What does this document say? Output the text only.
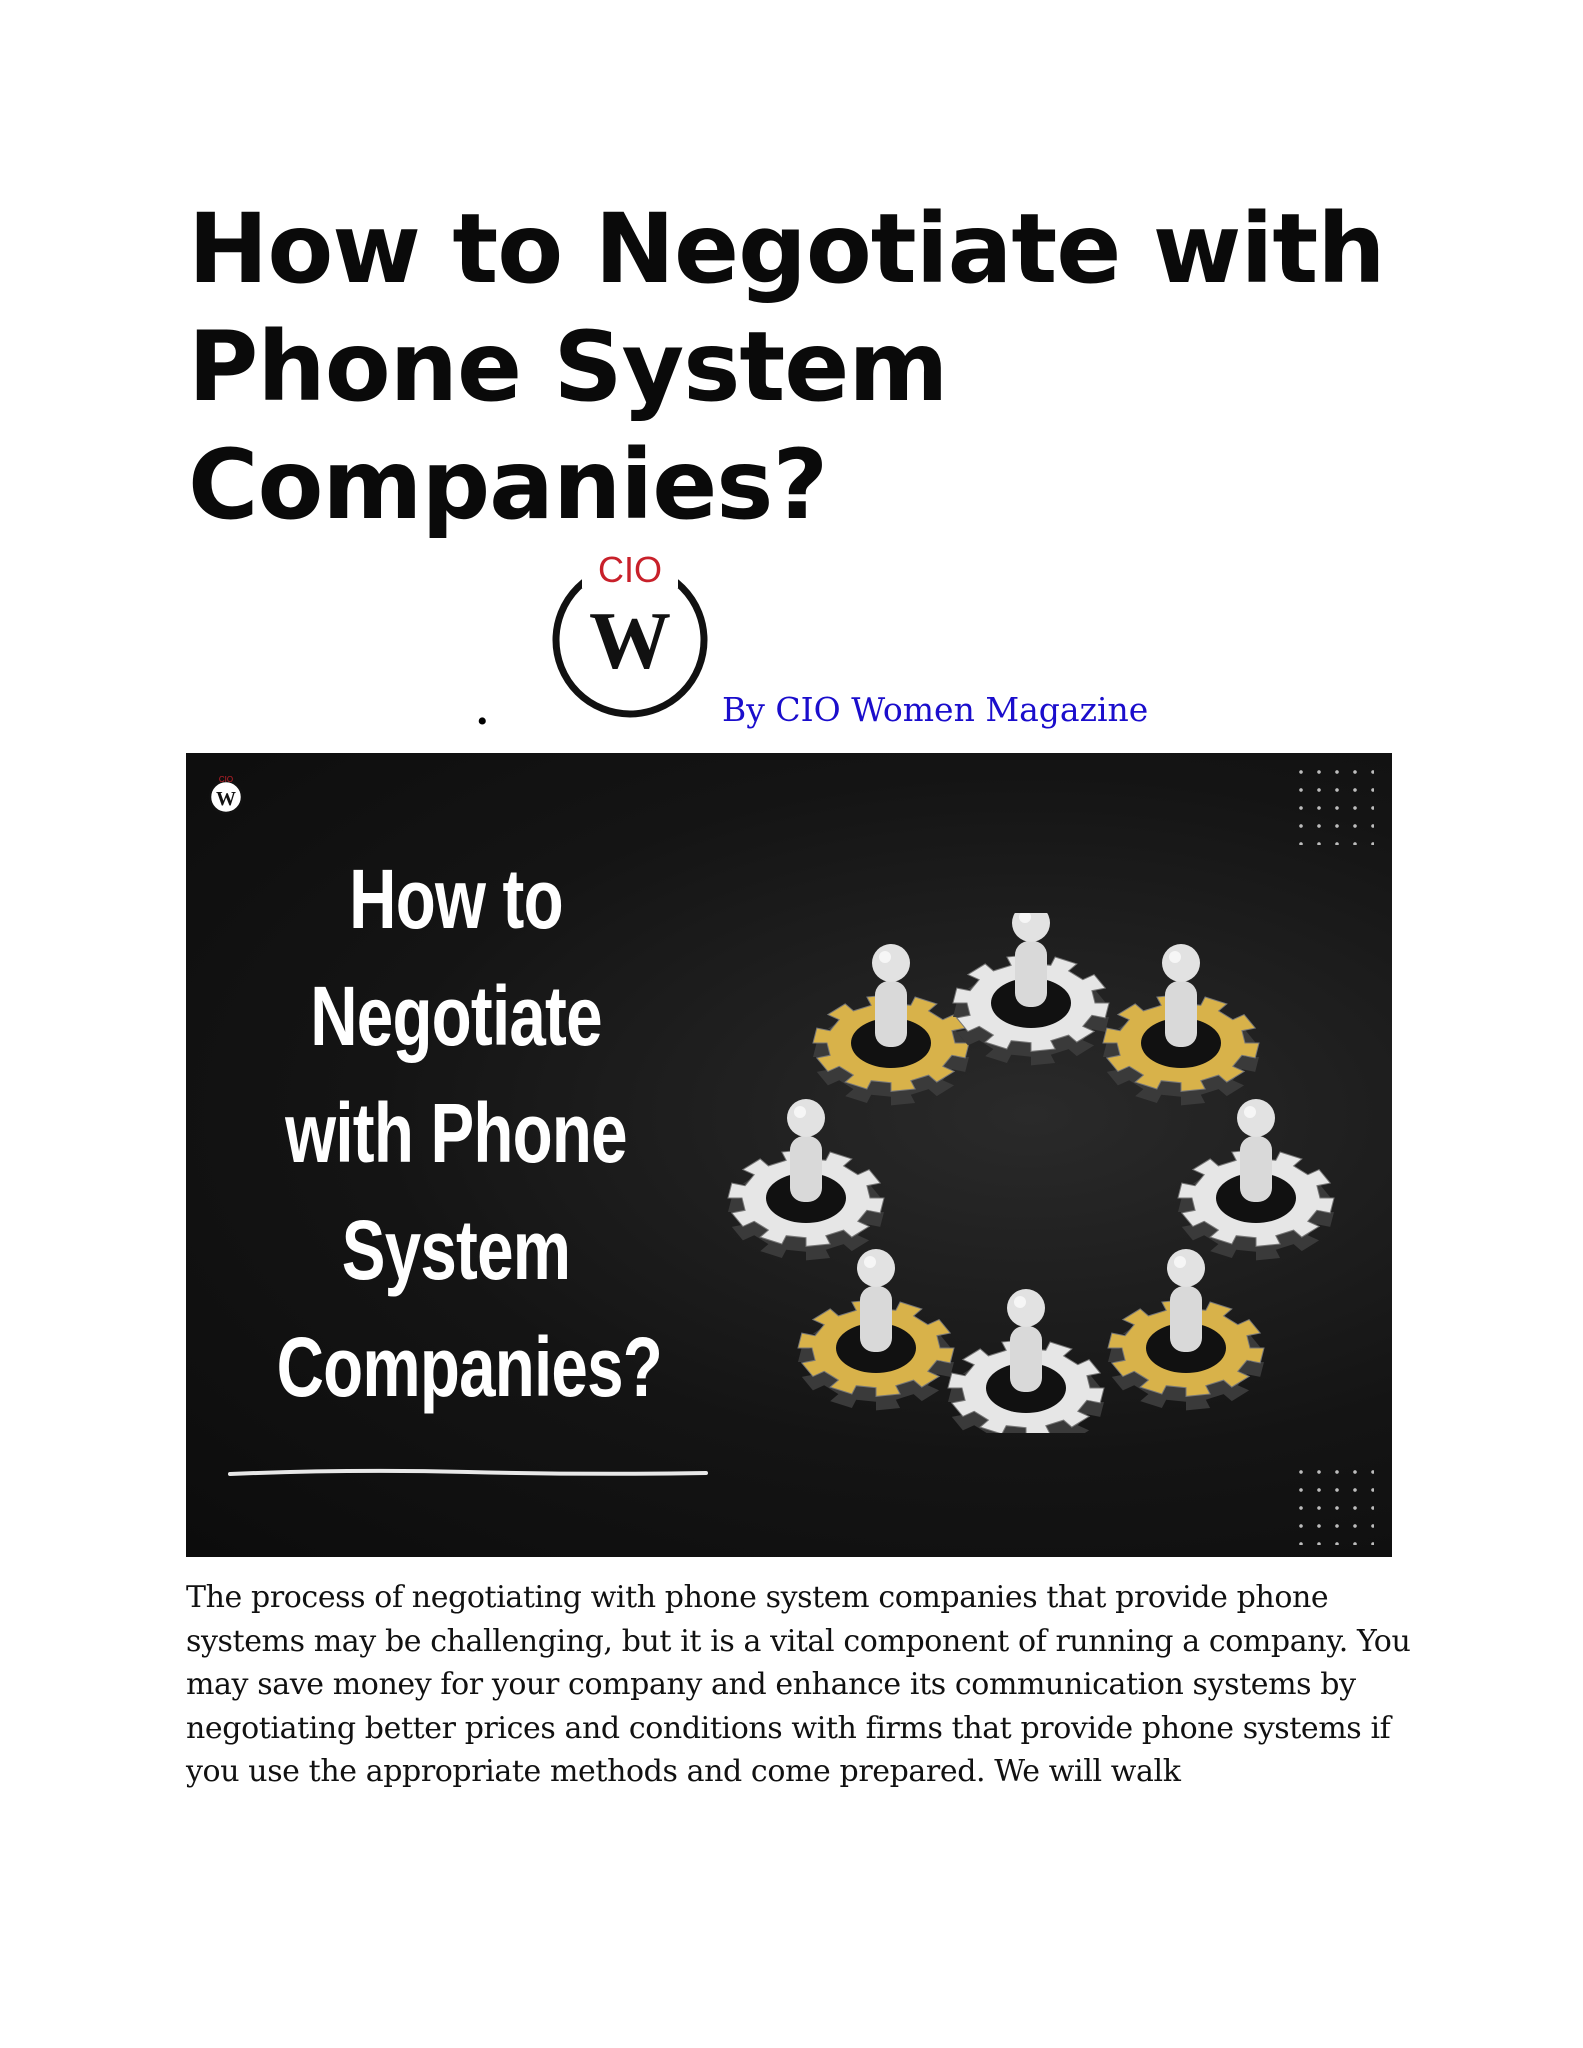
How to Negotiate with Phone System Companies?
•
CIO
W
By CIO Women Magazine
CIO
W
How to
Negotiate
with Phone
System
Companies?

The process of negotiating with phone system companies that provide phone systems may be challenging, but it is a vital component of running a company. You may save money for your company and enhance its communication systems by negotiating better prices and conditions with firms that provide phone systems if you use the appropriate methods and come prepared. We will walk
